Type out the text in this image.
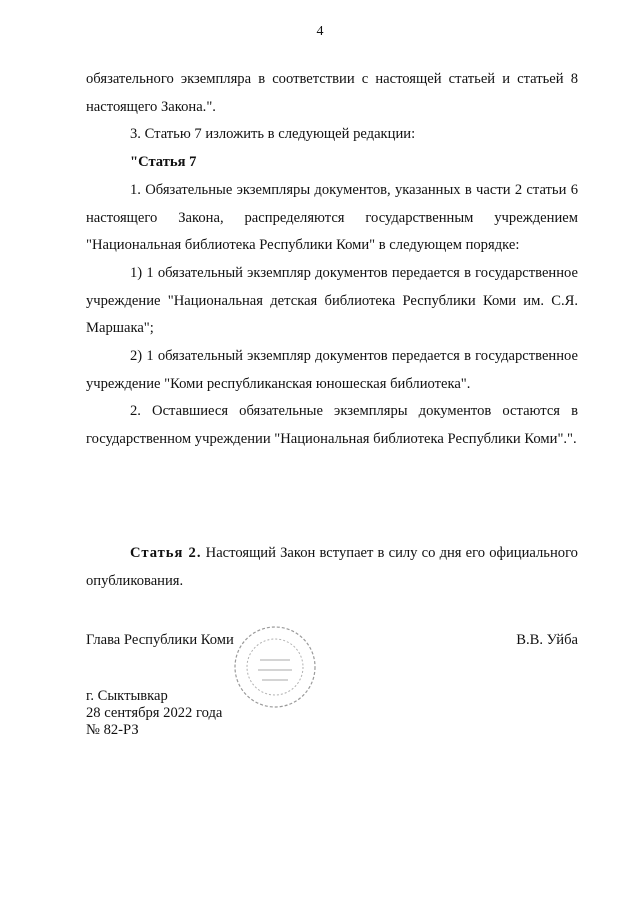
4

обязательного экземпляра в соответствии с настоящей статьей и статьей 8 настоящего Закона.".

3. Статью 7 изложить в следующей редакции:

"Статья 7

1. Обязательные экземпляры документов, указанных в части 2 статьи 6 настоящего Закона, распределяются государственным учреждением "Национальная библиотека Республики Коми" в следующем порядке:

1) 1 обязательный экземпляр документов передается в государственное учреждение "Национальная детская библиотека Республики Коми им. С.Я. Маршака";

2) 1 обязательный экземпляр документов передается в государственное учреждение "Коми республиканская юношеская библиотека".

2. Оставшиеся обязательные экземпляры документов остаются в государственном учреждении "Национальная библиотека Республики Коми".".

Статья 2. Настоящий Закон вступает в силу со дня его официального опубликования.

Глава Республики Коми	В.В. Уйба
г. Сыктывкар
28 сентября 2022 года
№ 82-РЗ
